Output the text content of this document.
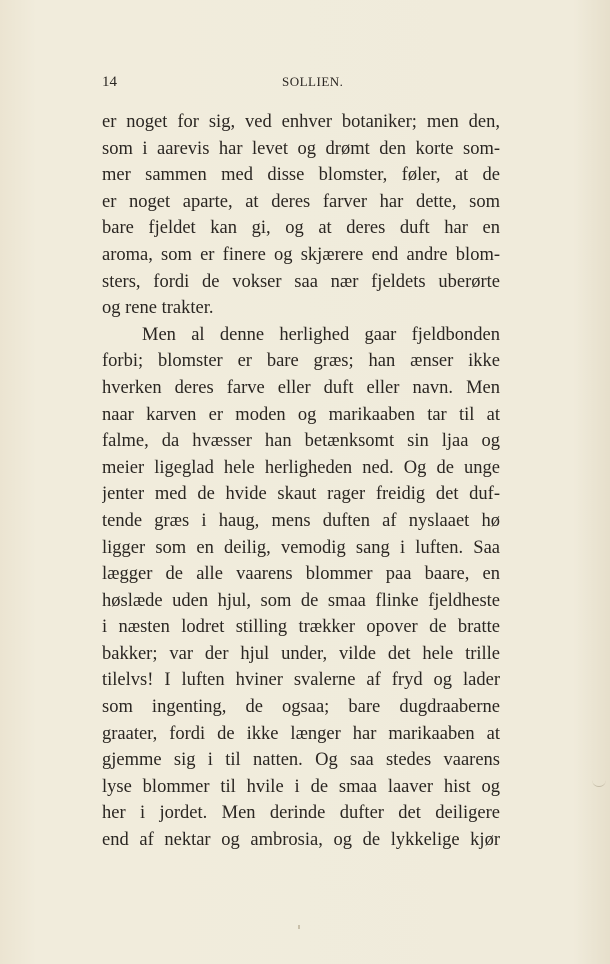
14	SOLLIEN.
er noget for sig, ved enhver botaniker; men den,
som i aarevis har levet og drømt den korte som-
mer sammen med disse blomster, føler, at de
er noget aparte, at deres farver har dette, som
bare fjeldet kan gi, og at deres duft har en
aroma, som er finere og skjærere end andre blom-
sters, fordi de vokser saa nær fjeldets uberørte
og rene trakter.
Men al denne herlighed gaar fjeldbonden
forbi; blomster er bare græs; han ænser ikke
hverken deres farve eller duft eller navn. Men
naar karven er moden og marikaaben tar til at
falme, da hvæsser han betænksomt sin ljaa og
meier ligeglad hele herligheden ned. Og de unge
jenter med de hvide skaut rager freidig det duf-
tende græs i haug, mens duften af nyslaaet hø
ligger som en deilig, vemodig sang i luften. Saa
lægger de alle vaarens blommer paa baare, en
høslæde uden hjul, som de smaa flinke fjeldheste
i næsten lodret stilling trækker opover de bratte
bakker; var der hjul under, vilde det hele trille
tilelvs! I luften hviner svalerne af fryd og lader
som ingenting, de ogsaa; bare dugdraaberne
graater, fordi de ikke længer har marikaaben at
gjemme sig i til natten. Og saa stedes vaarens
lyse blommer til hvile i de smaa laaver hist og
her i jordet. Men derinde dufter det deiligere
end af nektar og ambrosia, og de lykkelige kjør
